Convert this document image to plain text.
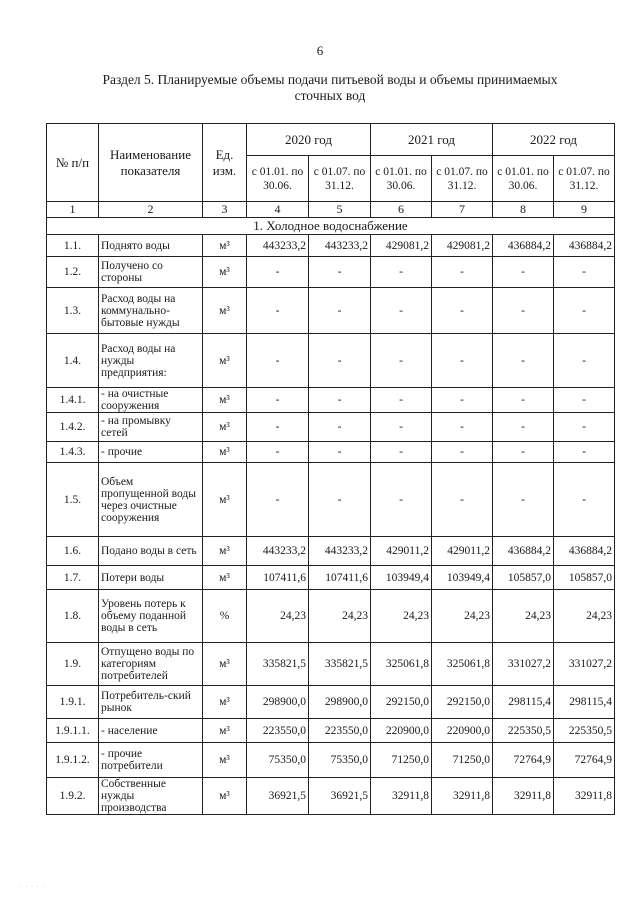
6
Раздел 5. Планируемые объемы подачи питьевой воды и объемы принимаемых
сточных вод
№ п/п	Наименование показателя	Ед. изм.	2020 год		2021 год		2022 год	
			с 01.01. по 30.06.	с 01.07. по 31.12.	с 01.01. по 30.06.	с 01.07. по 31.12.	с 01.01. по 30.06.	с 01.07. по 31.12.
1	2	3	4	5	6	7	8	9
1. Холодное водоснабжение								
1.1.	Поднято воды	м³	443233,2	443233,2	429081,2	429081,2	436884,2	436884,2
1.2.	Получено со стороны	м³	-	-	-	-	-	-
1.3.	Расход воды на коммунально-бытовые нужды	м³	-	-	-	-	-	-
1.4.	Расход воды на нужды предприятия:	м³	-	-	-	-	-	-
1.4.1.	- на очистные сооружения	м³	-	-	-	-	-	-
1.4.2.	- на промывку сетей	м³	-	-	-	-	-	-
1.4.3.	- прочие	м³	-	-	-	-	-	-
1.5.	Объем пропущенной воды через очистные сооружения	м³	-	-	-	-	-	-
1.6.	Подано воды в сеть	м³	443233,2	443233,2	429011,2	429011,2	436884,2	436884,2
1.7.	Потери воды	м³	107411,6	107411,6	103949,4	103949,4	105857,0	105857,0
1.8.	Уровень потерь к объему поданной воды в сеть	%	24,23	24,23	24,23	24,23	24,23	24,23
1.9.	Отпущено воды по категориям потребителей	м³	335821,5	335821,5	325061,8	325061,8	331027,2	331027,2
1.9.1.	Потребитель-ский рынок	м³	298900,0	298900,0	292150,0	292150,0	298115,4	298115,4
1.9.1.1.	- население	м³	223550,0	223550,0	220900,0	220900,0	225350,5	225350,5
1.9.1.2.	- прочие потребители	м³	75350,0	75350,0	71250,0	71250,0	72764,9	72764,9
1.9.2.	Собственные нужды производства	м³	36921,5	36921,5	32911,8	32911,8	32911,8	32911,8
· · · · ·
